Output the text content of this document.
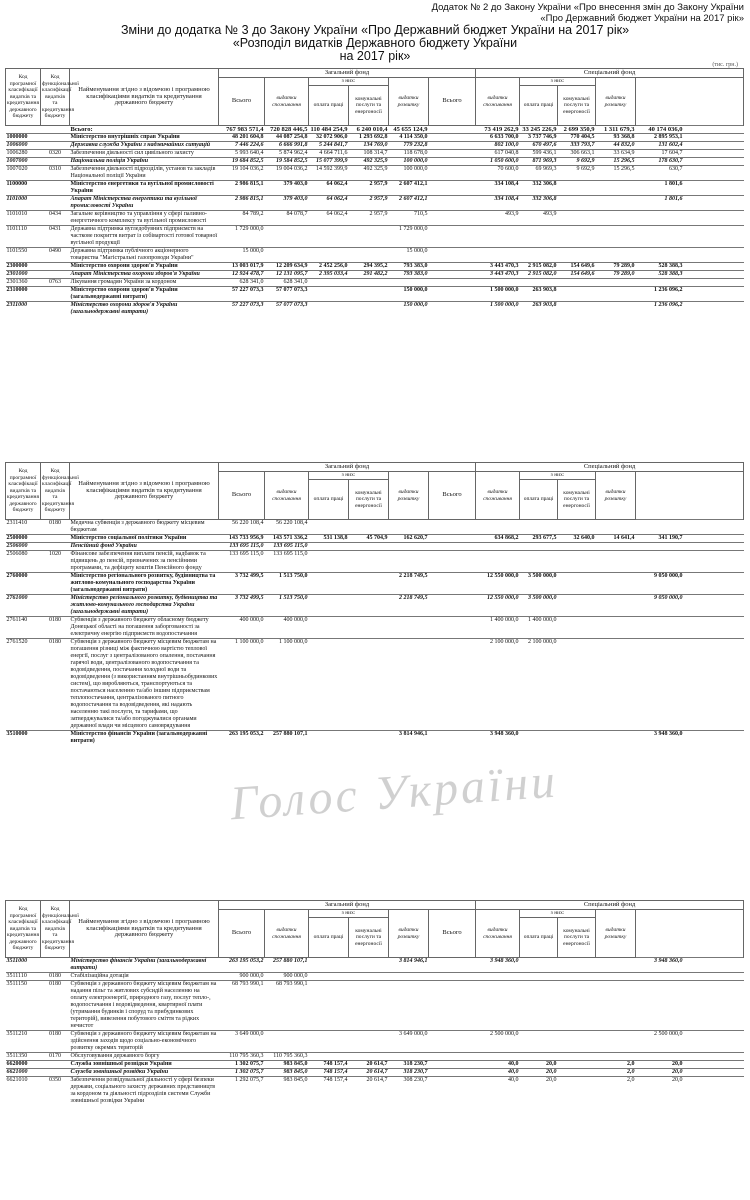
Додаток № 2 до Закону України «Про внесення змін до Закону України
«Про Державний бюджет України на 2017 рік»
Зміни до додатка № 3 до Закону України «Про Державний бюджет України на 2017 рік»
«Розподіл видатків Державного бюджету України
на 2017 рік»
(тис. грн.)
Код програмної класифікації видатків та кредитування державного бюджету	Код функціональної класифікації видатків та кредитування бюджету	Найменування згідно з відомчою і програмною класифікаціями видатків та кредитування державного бюджету	Загальний фонд						Спеціальний фонд	
			Всього	видатки споживання	з них:		видатки розвитку	Всього	видатки споживання	з них:		видатки розвитку			
					оплата праці	комунальні послуги та енергоносії				оплата праці	комунальні послуги та енергоносії				
		Всього:	767 983 571,4	720 828 446,5	110 484 254,9	6 240 010,4	45 655 124,9		73 419 262,9	33 245 226,9	2 699 350,9	1 311 679,3	40 174 036,0		
1000000		Міністерство внутрішніх справ України	48 201 604,8	44 087 254,8	32 072 906,0	1 293 692,8	4 114 350,0		6 633 700,0	3 737 746,9	770 404,5	93 368,8	2 895 953,1		
1006000		Державна служба України з надзвичайних ситуацій	7 446 224,6	6 666 991,8	5 244 841,7	134 769,0	779 232,8		802 100,0	670 497,6	333 793,7	44 832,0	131 602,4		
1006280	0320	Забезпечення діяльності сил цивільного захисту	5 993 640,4	5 874 962,4	4 664 711,6	108 314,7	118 678,0		617 040,8	599 436,1	306 663,1	33 634,9	17 604,7		
1007000		Національна поліція України	19 684 852,5	19 584 852,5	15 077 399,9	492 325,9	100 000,0		1 050 600,0	871 969,3	9 692,9	15 296,5	178 630,7		
1007020	0310	Забезпечення діяльності підрозділів, установ та закладів Національної поліції України	19 104 036,2	19 004 036,2	14 592 399,9	492 325,9	100 000,0		70 600,0	69 969,3	9 692,9	15 296,5	630,7		
1100000		Міністерство енергетики та вугільної промисловості України	2 986 815,1	379 403,0	64 062,4	2 957,9	2 607 412,1		334 108,4	332 306,8			1 801,6		
1101000		Апарат Міністерства енергетики та вугільної промисловості України	2 986 815,1	379 403,0	64 062,4	2 957,9	2 607 412,1		334 108,4	332 306,8			1 801,6		
1101010	0434	Загальне керівництво та управління у сфері паливно-енергетичного комплексу та вугільної промисловості	84 789,2	84 078,7	64 062,4	2 957,9	710,5		493,9	493,9					
1101110	0431	Державна підтримка вугледобувних підприємств на часткове покриття витрат із собівартості готової товарної вугільної продукції	1 729 000,0				1 729 000,0								
1101550	0490	Державна підтримка публічного акціонерного товариства "Магістральні газопроводи України"	15 000,0				15 000,0								
2300000		Міністерство охорони здоров'я України	13 003 017,9	12 209 634,9	2 452 256,0	294 395,2	793 383,0		3 443 470,3	2 915 082,0	154 649,6	79 289,0	528 388,3		
2301000		Апарат Міністерства охорони здоров'я України	12 924 478,7	12 131 095,7	2 395 033,4	291 482,2	793 383,0		3 443 470,3	2 915 082,0	154 649,6	79 289,0	528 388,3		
2301360	0763	Лікування громадян України за кордоном	628 341,0	628 341,0											
2310000		Міністерство охорони здоров'я України (загальнодержавні витрати)	57 227 073,3	57 077 073,3			150 000,0		1 500 000,0	263 903,8			1 236 096,2		
2311000		Міністерство охорони здоров'я України (загальнодержавні витрати)	57 227 073,3	57 077 073,3			150 000,0		1 500 000,0	263 903,8			1 236 096,2		
Код програмної класифікації видатків та кредитування державного бюджету	Код функціональної класифікації видатків та кредитування бюджету	Найменування згідно з відомчою і програмною класифікаціями видатків та кредитування державного бюджету	Загальний фонд						Спеціальний фонд	
			Всього	видатки споживання	з них:		видатки розвитку	Всього	видатки споживання	з них:		видатки розвитку			
					оплата праці	комунальні послуги та енергоносії				оплата праці	комунальні послуги та енергоносії				
2311410	0180	Медична субвенція з державного бюджету місцевим бюджетам	56 220 108,4	56 220 108,4											
2500000		Міністерство соціальної політики України	143 733 956,9	143 571 336,2	531 138,8	45 704,9	162 620,7		634 868,2	293 677,5	32 640,0	14 641,4	341 190,7		
2506000		Пенсійний фонд України	133 695 115,0	133 695 115,0											
2506080	1020	Фінансове забезпечення виплати пенсій, надбавок та підвищень до пенсій, призначених за пенсійними програмами, та дефіциту коштів Пенсійного фонду	133 695 115,0	133 695 115,0											
2760000		Міністерство регіонального розвитку, будівництва та житлово-комунального господарства України (загальнодержавні витрати)	3 732 499,5	1 513 750,0			2 218 749,5		12 550 000,0	3 500 000,0			9 050 000,0		
2761000		Міністерство регіонального розвитку, будівництва та житлово-комунального господарства України (загальнодержавні витрати)	3 732 499,5	1 513 750,0			2 218 749,5		12 550 000,0	3 500 000,0			9 050 000,0		
2761140	0180	Субвенція з державного бюджету обласному бюджету Донецької області на погашення заборгованості за електричну енергію підприємств водопостачання	400 000,0	400 000,0					1 400 000,0	1 400 000,0					
2761520	0180	Субвенція з державного бюджету місцевим бюджетам на погашення різниці між фактичною вартістю теплової енергії, послуг з централізованого опалення, постачання гарячої води, централізованого водопостачання та водовідведення, постачання холодної води та водовідведення (з використанням внутрішньобудинкових систем), що виробляються, транспортуються та постачаються населенню та/або іншим підприємствам теплопостачання, централізованого питного водопостачання та водовідведення, які надають населенню такі послуги, та тарифами, що затверджувалися та/або погоджувалися органами державної влади чи місцевого самоврядування	1 100 000,0	1 100 000,0					2 100 000,0	2 100 000,0					
3510000		Міністерство фінансів України (загальнодержавні витрати)	263 195 053,2	257 880 107,1			3 814 946,1		3 948 360,0				3 948 360,0		
Код програмної класифікації видатків та кредитування державного бюджету	Код функціональної класифікації видатків та кредитування бюджету	Найменування згідно з відомчою і програмною класифікаціями видатків та кредитування державного бюджету	Загальний фонд						Спеціальний фонд	
			Всього	видатки споживання	з них:		видатки розвитку	Всього	видатки споживання	з них:		видатки розвитку			
					оплата праці	комунальні послуги та енергоносії				оплата праці	комунальні послуги та енергоносії				
3511000		Міністерство фінансів України (загальнодержавні витрати)	263 195 053,2	257 880 107,1			3 814 946,1		3 948 360,0				3 948 360,0		
3511110	0180	Стабілізаційна дотація	900 000,0	900 000,0											
3511150	0180	Субвенція з державного бюджету місцевим бюджетам на надання пільг та житлових субсидій населенню на оплату електроенергії, природного газу, послуг тепло-, водопостачання і водовідведення, квартирної плати (утримання будинків і споруд та прибудинкових територій), вивезення побутового сміття та рідких нечистот	68 793 990,1	68 793 990,1											
3511210	0180	Субвенція з державного бюджету місцевим бюджетам на здійснення заходів щодо соціально-економічного розвитку окремих територій	3 649 000,0				3 649 000,0		2 500 000,0				2 500 000,0		
3511350	0170	Обслуговування державного боргу	110 795 360,3	110 795 360,3											
6620000		Служба зовнішньої розвідки України	1 302 075,7	983 845,0	748 157,4	20 614,7	318 230,7		40,0	20,0		2,0	20,0		
6621000		Служба зовнішньої розвідки України	1 302 075,7	983 845,0	748 157,4	20 614,7	318 230,7		40,0	20,0		2,0	20,0		
6621010	0350	Забезпечення розвідувальної діяльності у сфері безпеки держави, соціального захисту державних представництв за кордоном та діяльності підрозділів системи Служби зовнішньої розвідки України	1 292 075,7	983 845,0	748 157,4	20 614,7	308 230,7		40,0	20,0		2,0	20,0		
Голос України
